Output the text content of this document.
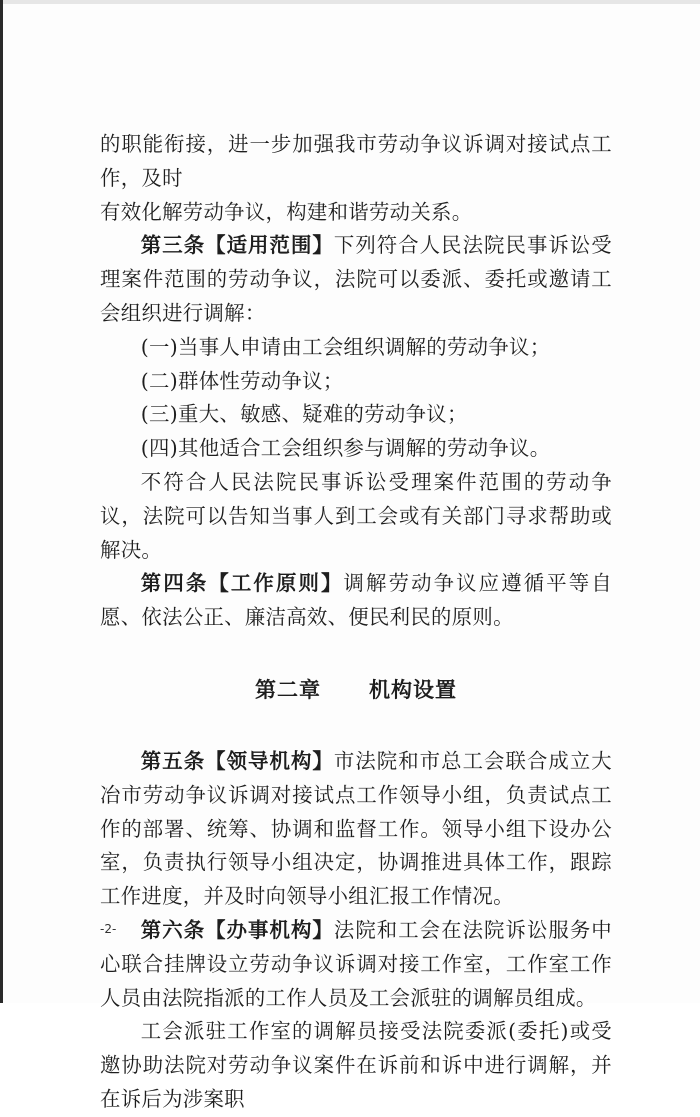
的职能衔接，进一步加强我市劳动争议诉调对接试点工作，及时

有效化解劳动争议，构建和谐劳动关系。

第三条【适用范围】下列符合人民法院民事诉讼受理案件范围的劳动争议，法院可以委派、委托或邀请工会组织进行调解：

(一)当事人申请由工会组织调解的劳动争议；

(二)群体性劳动争议；

(三)重大、敏感、疑难的劳动争议；

(四)其他适合工会组织参与调解的劳动争议。

不符合人民法院民事诉讼受理案件范围的劳动争议，法院可以告知当事人到工会或有关部门寻求帮助或解决。

第四条【工作原则】调解劳动争议应遵循平等自愿、依法公正、廉洁高效、便民利民的原则。

第二章 机构设置

第五条【领导机构】市法院和市总工会联合成立大冶市劳动争议诉调对接试点工作领导小组，负责试点工作的部署、统筹、协调和监督工作。领导小组下设办公室，负责执行领导小组决定，协调推进具体工作，跟踪工作进度，并及时向领导小组汇报工作情况。

第六条【办事机构】法院和工会在法院诉讼服务中心联合挂牌设立劳动争议诉调对接工作室，工作室工作人员由法院指派的工作人员及工会派驻的调解员组成。

工会派驻工作室的调解员接受法院委派(委托)或受邀协助法院对劳动争议案件在诉前和诉中进行调解，并在诉后为涉案职

-2-
